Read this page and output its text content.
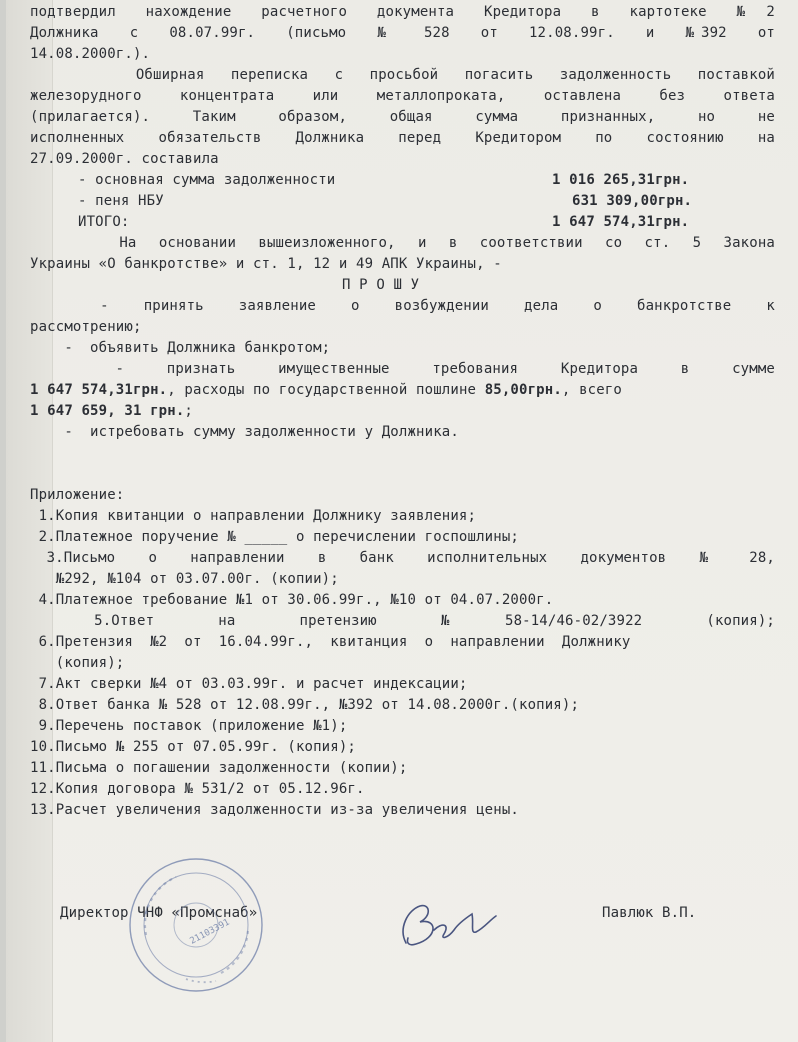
подтвердил нахождение расчетного документа Кредитора в картотеке №2
Должника  с  08.07.99г.  (письмо  №  528  от  12.08.99г.  и  №392  от
14.08.2000г.).
Обширная переписка с просьбой погасить задолженность поставкой
железорудного концентрата или металлопроката, оставлена без ответа
(прилагается).  Таким  образом,  общая  сумма  признанных,  но  не
исполненных обязательств Должника перед Кредитором по состоянию на
27.09.2000г. составила
- основная сумма задолженности	1 016 265,31грн.
- пеня НБУ	631 309,00грн.
ИТОГО:	1 647 574,31грн.
На основании вышеизложенного, и в соответствии со ст. 5 Закона
Украины «О банкротстве» и ст. 1, 12 и 49 АПК Украины, -
П Р О Ш У
-  принять  заявление  о  возбуждении  дела  о  банкротстве  к
рассмотрению;
-  объявить Должника банкротом;
-  признать  имущественные  требования  Кредитора  в  сумме
1 647 574,31грн., расходы по государственной пошлине 85,00грн., всего
1 647 659, 31 грн.;
-  истребовать сумму задолженности у Должника.
Приложение:
1.Копия квитанции о направлении Должнику заявления;
2.Платежное поручение № _____ о перечислении госпошлины;
3.Письмо  о  направлении  в  банк  исполнительных  документов  №  28,
№292, №104 от 03.07.00г. (копии);
4.Платежное требование №1 от 30.06.99г., №10 от 04.07.2000г.
5.Ответ на претензию №58-14/46-02/3922 (копия);
6.Претензия  №2  от  16.04.99г.,  квитанция  о  направлении  Должнику
(копия);
7.Акт сверки №4 от 03.03.99г. и расчет индексации;
8.Ответ банка № 528 от 12.08.99г., №392 от 14.08.2000г.(копия);
9.Перечень поставок (приложение №1);
10.Письмо № 255 от 07.05.99г. (копия);
11.Письма о погашении задолженности (копии);
12.Копия договора № 531/2 от 05.12.96г.
13.Расчет увеличения задолженности из-за увеличения цены.
Директор ЧНФ «Промснаб»	Павлюк В.П.
21103391
